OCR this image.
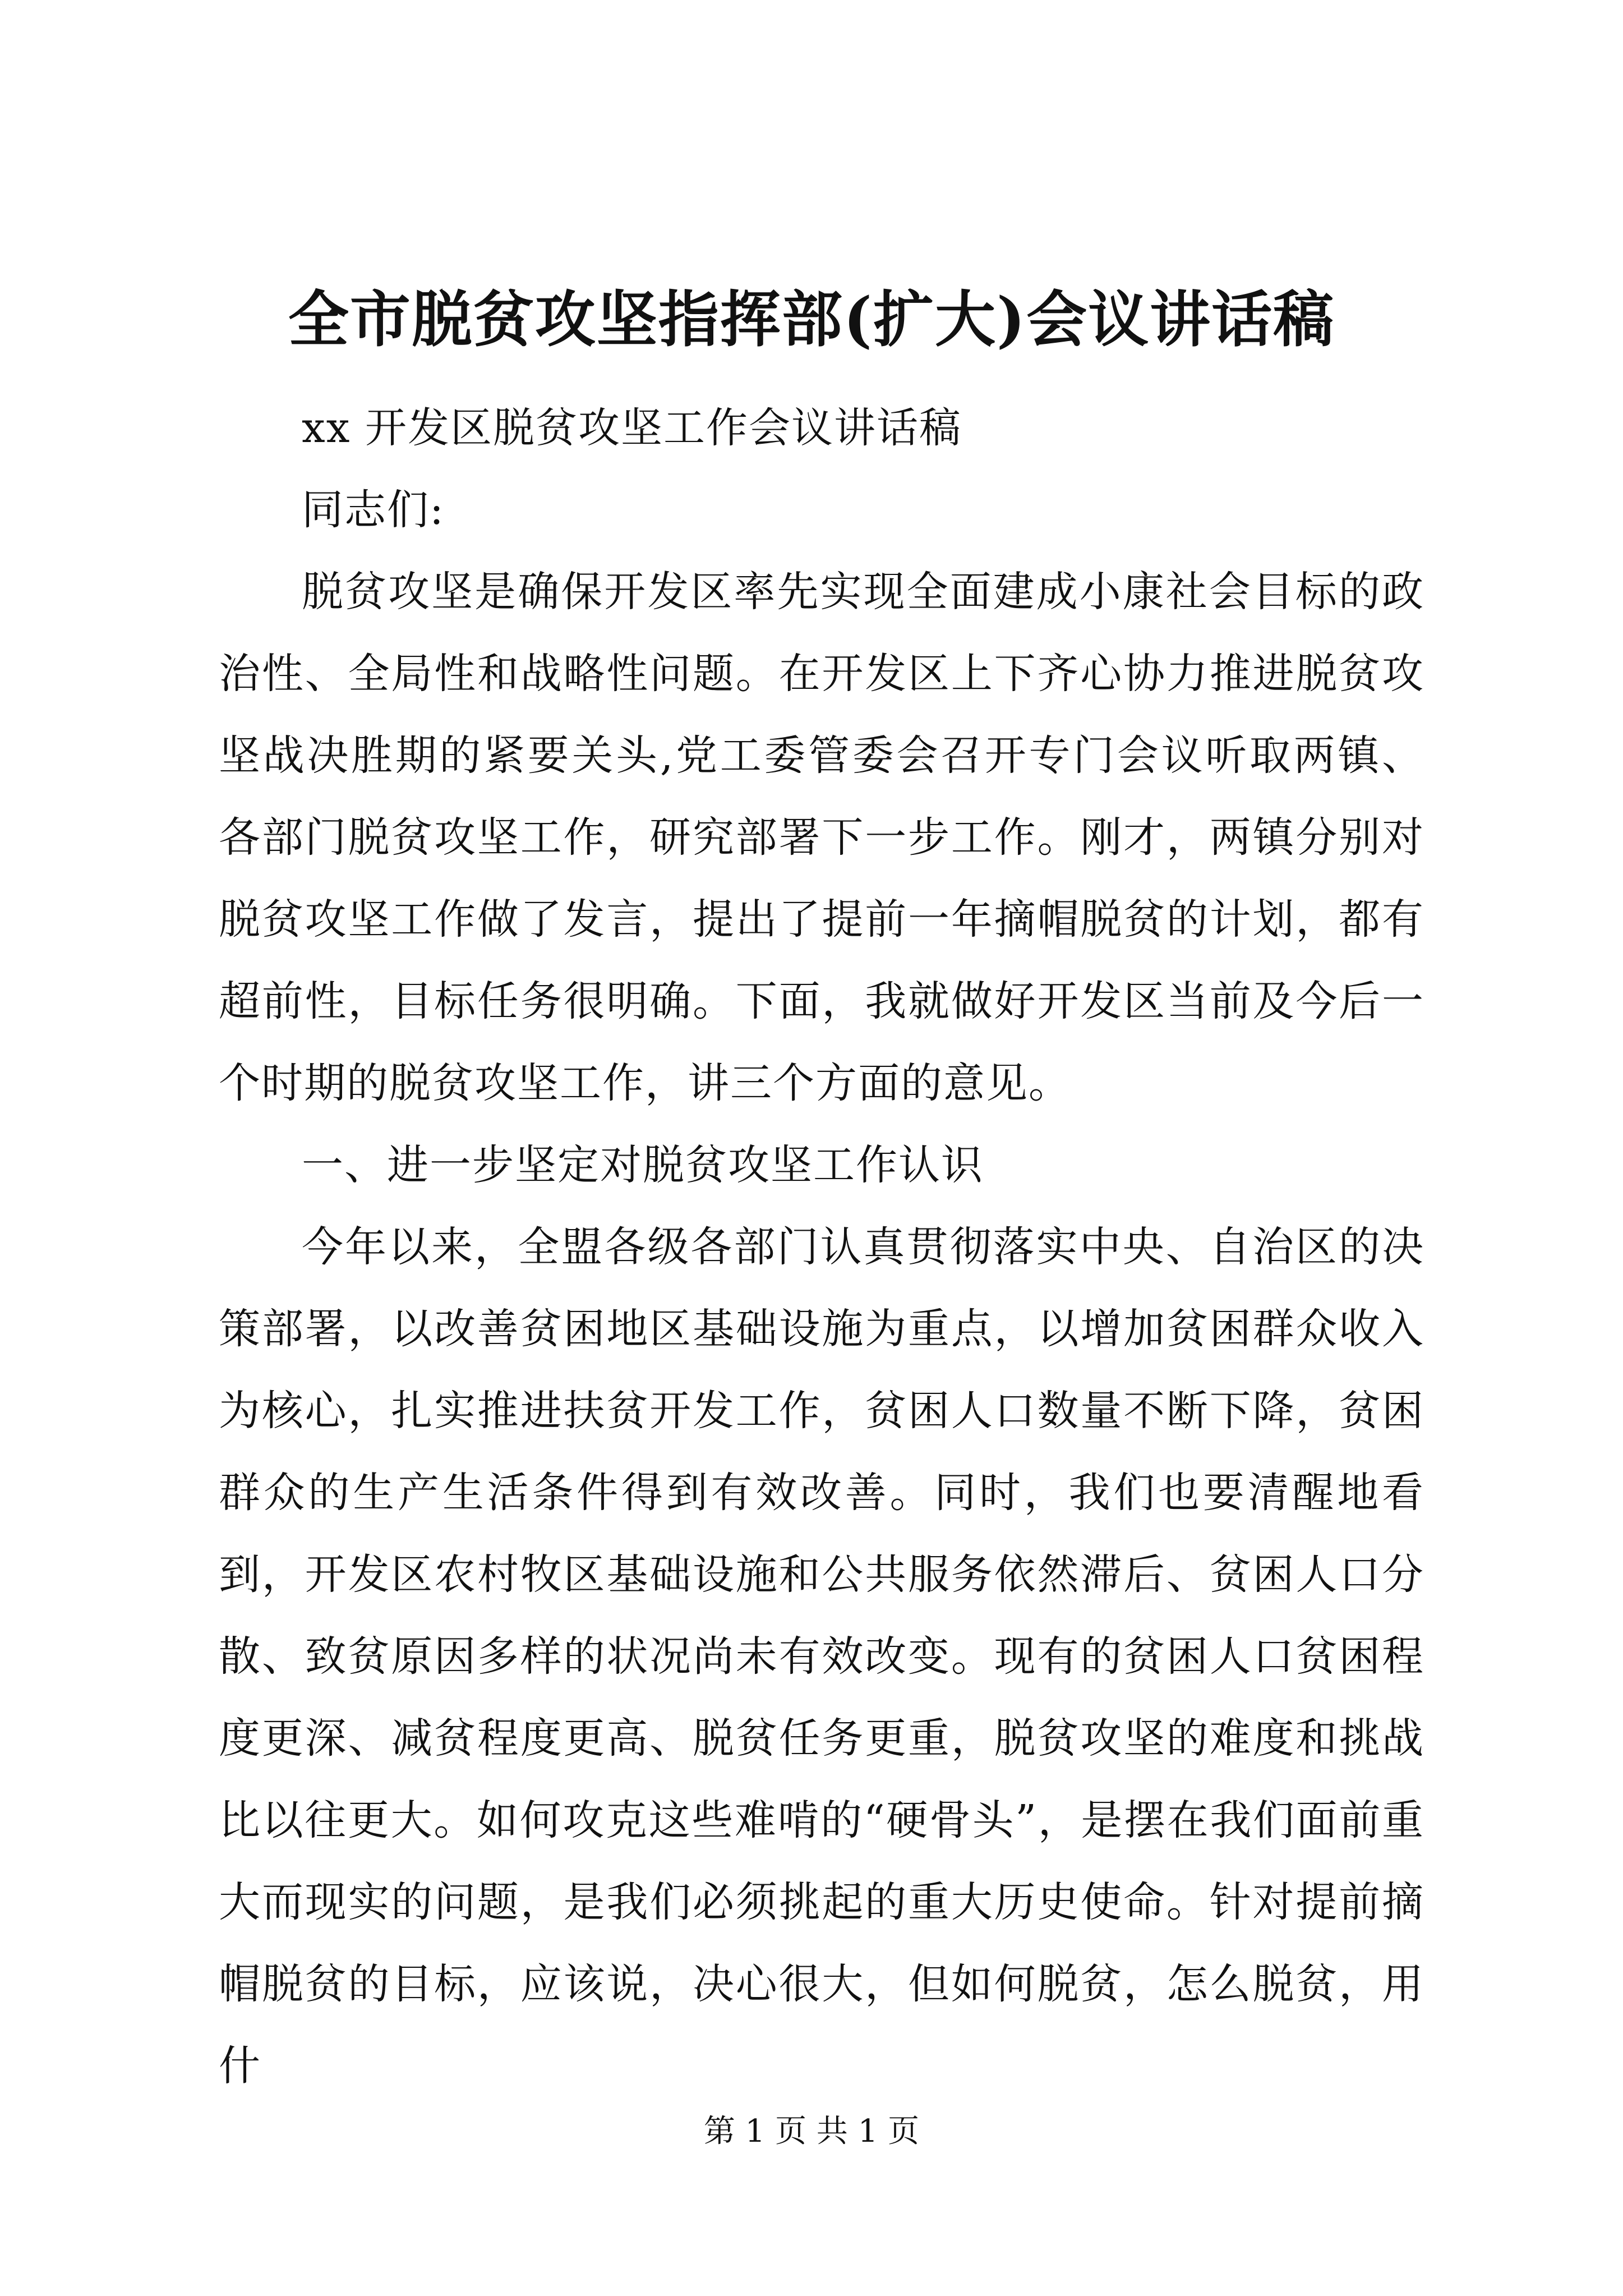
全市脱贫攻坚指挥部(扩大)会议讲话稿

xx 开发区脱贫攻坚工作会议讲话稿

同志们:

脱贫攻坚是确保开发区率先实现全面建成小康社会目标的政治性、全局性和战略性问题。在开发区上下齐心协力推进脱贫攻坚战决胜期的紧要关头,党工委管委会召开专门会议听取两镇、各部门脱贫攻坚工作，研究部署下一步工作。刚才，两镇分别对脱贫攻坚工作做了发言，提出了提前一年摘帽脱贫的计划，都有超前性，目标任务很明确。下面，我就做好开发区当前及今后一个时期的脱贫攻坚工作，讲三个方面的意见。

一、进一步坚定对脱贫攻坚工作认识

今年以来，全盟各级各部门认真贯彻落实中央、自治区的决策部署，以改善贫困地区基础设施为重点，以增加贫困群众收入为核心，扎实推进扶贫开发工作，贫困人口数量不断下降，贫困群众的生产生活条件得到有效改善。同时，我们也要清醒地看到，开发区农村牧区基础设施和公共服务依然滞后、贫困人口分散、致贫原因多样的状况尚未有效改变。现有的贫困人口贫困程度更深、减贫程度更高、脱贫任务更重，脱贫攻坚的难度和挑战比以往更大。如何攻克这些难啃的“硬骨头”，是摆在我们面前重大而现实的问题，是我们必须挑起的重大历史使命。针对提前摘帽脱贫的目标，应该说，决心很大，但如何脱贫，怎么脱贫，用什

第 1 页 共 1 页
